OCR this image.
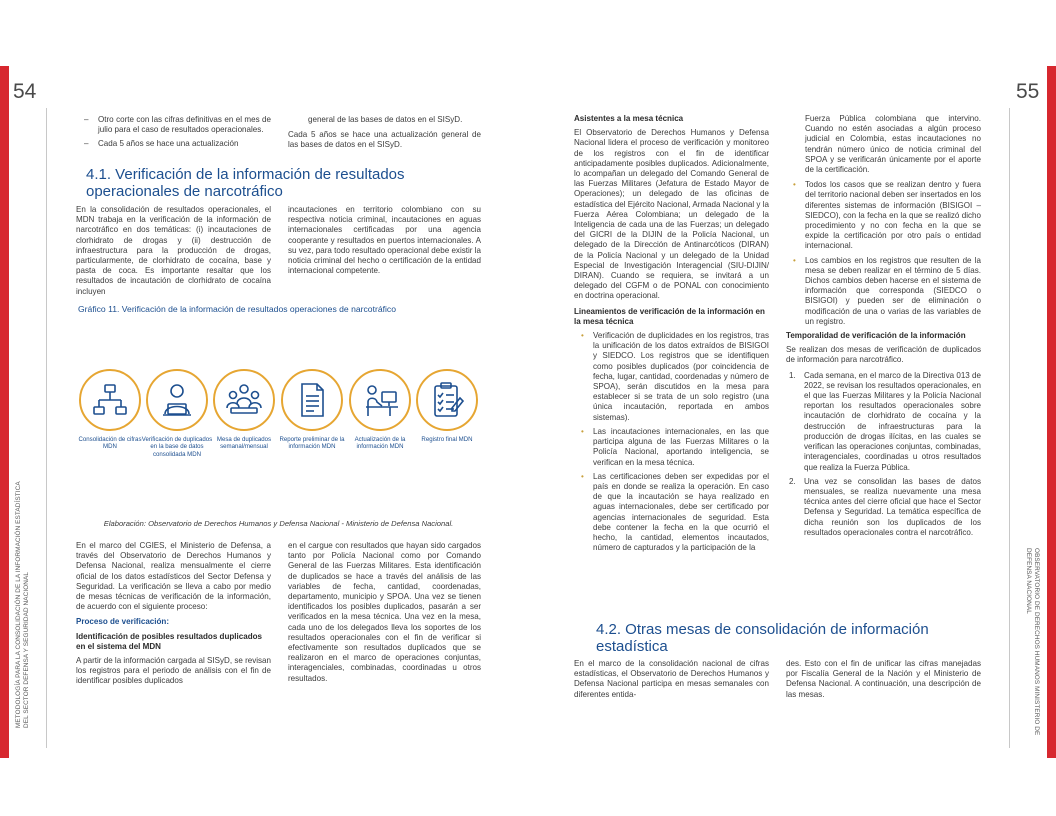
54	55
METODOLOGÍA PARA LA CONSOLIDACIÓN DE LA INFORMACIÓN ESTADÍSTICA DEL SECTOR DEFENSA Y SEGURIDAD NACIONAL	OBSERVATORIO DE DERECHOS HUMANOS MINISTERIO DE DEFENSA NACIONAL
– Otro corte con las cifras definitivas en el mes de julio para el caso de resultados operacionales.
– Cada 5 años se hace una actualización

general de las bases de datos en el SISyD.

Cada 5 años se hace una actualización general de las bases de datos en el SISyD.

4.1. Verificación de la información de resultados operacionales de narcotráfico

En la consolidación de resultados operacionales, el MDN trabaja en la verificación de la información de narcotráfico en dos temáticas: (i) incautaciones de clorhidrato de drogas y (ii) destrucción de infraestructura para la producción de drogas, particularmente, de clorhidrato de cocaína, base y pasta de coca. Es importante resaltar que los resultados de incautación de clorhidrato de cocaína incluyen

incautaciones en territorio colombiano con su respectiva noticia criminal, incautaciones en aguas internacionales certificadas por una agencia cooperante y resultados en puertos internacionales. A su vez, para todo resultado operacional debe existir la noticia criminal del hecho o certificación de la entidad internacional competente.

Gráfico 11. Verificación de la información de resultados operaciones de narcotráfico
Consolidación de cifras MDN
Verificación de duplicados en la base de datos consolidada MDN
Mesa de duplicados semanal/mensual
Reporte preliminar de la información MDN
Actualización de la información MDN
Registro final MDN
Elaboración: Observatorio de Derechos Humanos y Defensa Nacional - Ministerio de Defensa Nacional.

En el marco del CGIES, el Ministerio de Defensa, a través del Observatorio de Derechos Humanos y Defensa Nacional, realiza mensualmente el cierre oficial de los datos estadísticos del Sector Defensa y Seguridad. La verificación se lleva a cabo por medio de mesas técnicas de verificación de la información, de acuerdo con el siguiente proceso:

Proceso de verificación:
Identificación de posibles resultados duplicados en el sistema del MDN

A partir de la información cargada al SISyD, se revisan los registros para el periodo de análisis con el fin de identificar posibles duplicados

en el cargue con resultados que hayan sido cargados tanto por Policía Nacional como por Comando General de las Fuerzas Militares. Esta identificación de duplicados se hace a través del análisis de las variables de fecha, cantidad, coordenadas, departamento, municipio y SPOA. Una vez se tienen identificados los posibles duplicados, pasarán a ser verificados en la mesa técnica. Una vez en la mesa, cada uno de los delegados lleva los soportes de los resultados operacionales con el fin de verificar si efectivamente son resultados duplicados que se realizaron en el marco de operaciones conjuntas, interagenciales, combinadas, coordinadas u otros resultados.

Asistentes a la mesa técnica

El Observatorio de Derechos Humanos y Defensa Nacional lidera el proceso de verificación y monitoreo de los registros con el fin de identificar anticipadamente posibles duplicados. Adicionalmente, lo acompañan un delegado del Comando General de las Fuerzas Militares (Jefatura de Estado Mayor de Operaciones); un delegado de las oficinas de estadística del Ejército Nacional, Armada Nacional y la Fuerza Aérea Colombiana; un delegado de la Inteligencia de cada una de las Fuerzas; un delegado del GICRI de la DIJIN de la Policía Nacional, un delegado de la Dirección de Antinarcóticos (DIRAN) de la Policía Nacional y un delegado de la Unidad Especial de Investigación Interagencial (SIU-DIJIN/ DIRAN). Cuando se requiera, se invitará a un delegado del CGFM o de PONAL con conocimiento en doctrina operacional.

Lineamientos de verificación de la información en la mesa técnica
• Verificación de duplicidades en los registros, tras la unificación de los datos extraídos de BISIGOI y SIEDCO. Los registros que se identifiquen como posibles duplicados (por coincidencia de fecha, lugar, cantidad, coordenadas y número de SPOA), serán discutidos en la mesa para establecer si se trata de un solo registro (una única incautación, reportada en ambos sistemas).
• Las incautaciones internacionales, en las que participa alguna de las Fuerzas Militares o la Policía Nacional, aportando inteligencia, se verifican en la mesa técnica.
• Las certificaciones deben ser expedidas por el país en donde se realiza la operación. En caso de que la incautación se haya realizado en aguas internacionales, debe ser certificado por agencias internacionales de seguridad. Esta debe contener la fecha en la que ocurrió el hecho, la cantidad, elementos incautados, número de capturados y la participación de la

Fuerza Pública colombiana que intervino. Cuando no estén asociadas a algún proceso judicial en Colombia, estas incautaciones no tendrán número único de noticia criminal del SPOA y se verificarán únicamente por el aporte de la certificación.

• Todos los casos que se realizan dentro y fuera del territorio nacional deben ser insertados en los diferentes sistemas de información (BISIGOI – SIEDCO), con la fecha en la que se realizó dicho procedimiento y no con fecha en la que se expide la certificación por otro país o entidad internacional.
• Los cambios en los registros que resulten de la mesa se deben realizar en el término de 5 días. Dichos cambios deben hacerse en el sistema de información que corresponda (SIEDCO o BISIGOI) y pueden ser de eliminación o modificación de una o varias de las variables de un registro.
Temporalidad de verificación de la información

Se realizan dos mesas de verificación de duplicados de información para narcotráfico.

1. Cada semana, en el marco de la Directiva 013 de 2022, se revisan los resultados operacionales, en el que las Fuerzas Militares y la Policía Nacional reportan los resultados operacionales sobre incautación de clorhidrato de cocaína y la destrucción de infraestructuras para la producción de drogas ilícitas, en las cuales se verifican las operaciones conjuntas, combinadas, interagenciales, coordinadas u otros resultados que realiza la Fuerza Pública.
2. Una vez se consolidan las bases de datos mensuales, se realiza nuevamente una mesa técnica antes del cierre oficial que hace el Sector Defensa y Seguridad. La temática específica de dicha reunión son los duplicados de los resultados operacionales contra el narcotráfico.
4.2. Otras mesas de consolidación de información estadística

En el marco de la consolidación nacional de cifras estadísticas, el Observatorio de Derechos Humanos y Defensa Nacional participa en mesas semanales con diferentes entida-

des. Esto con el fin de unificar las cifras manejadas por Fiscalía General de la Nación y el Ministerio de Defensa Nacional. A continuación, una descripción de las mesas.
